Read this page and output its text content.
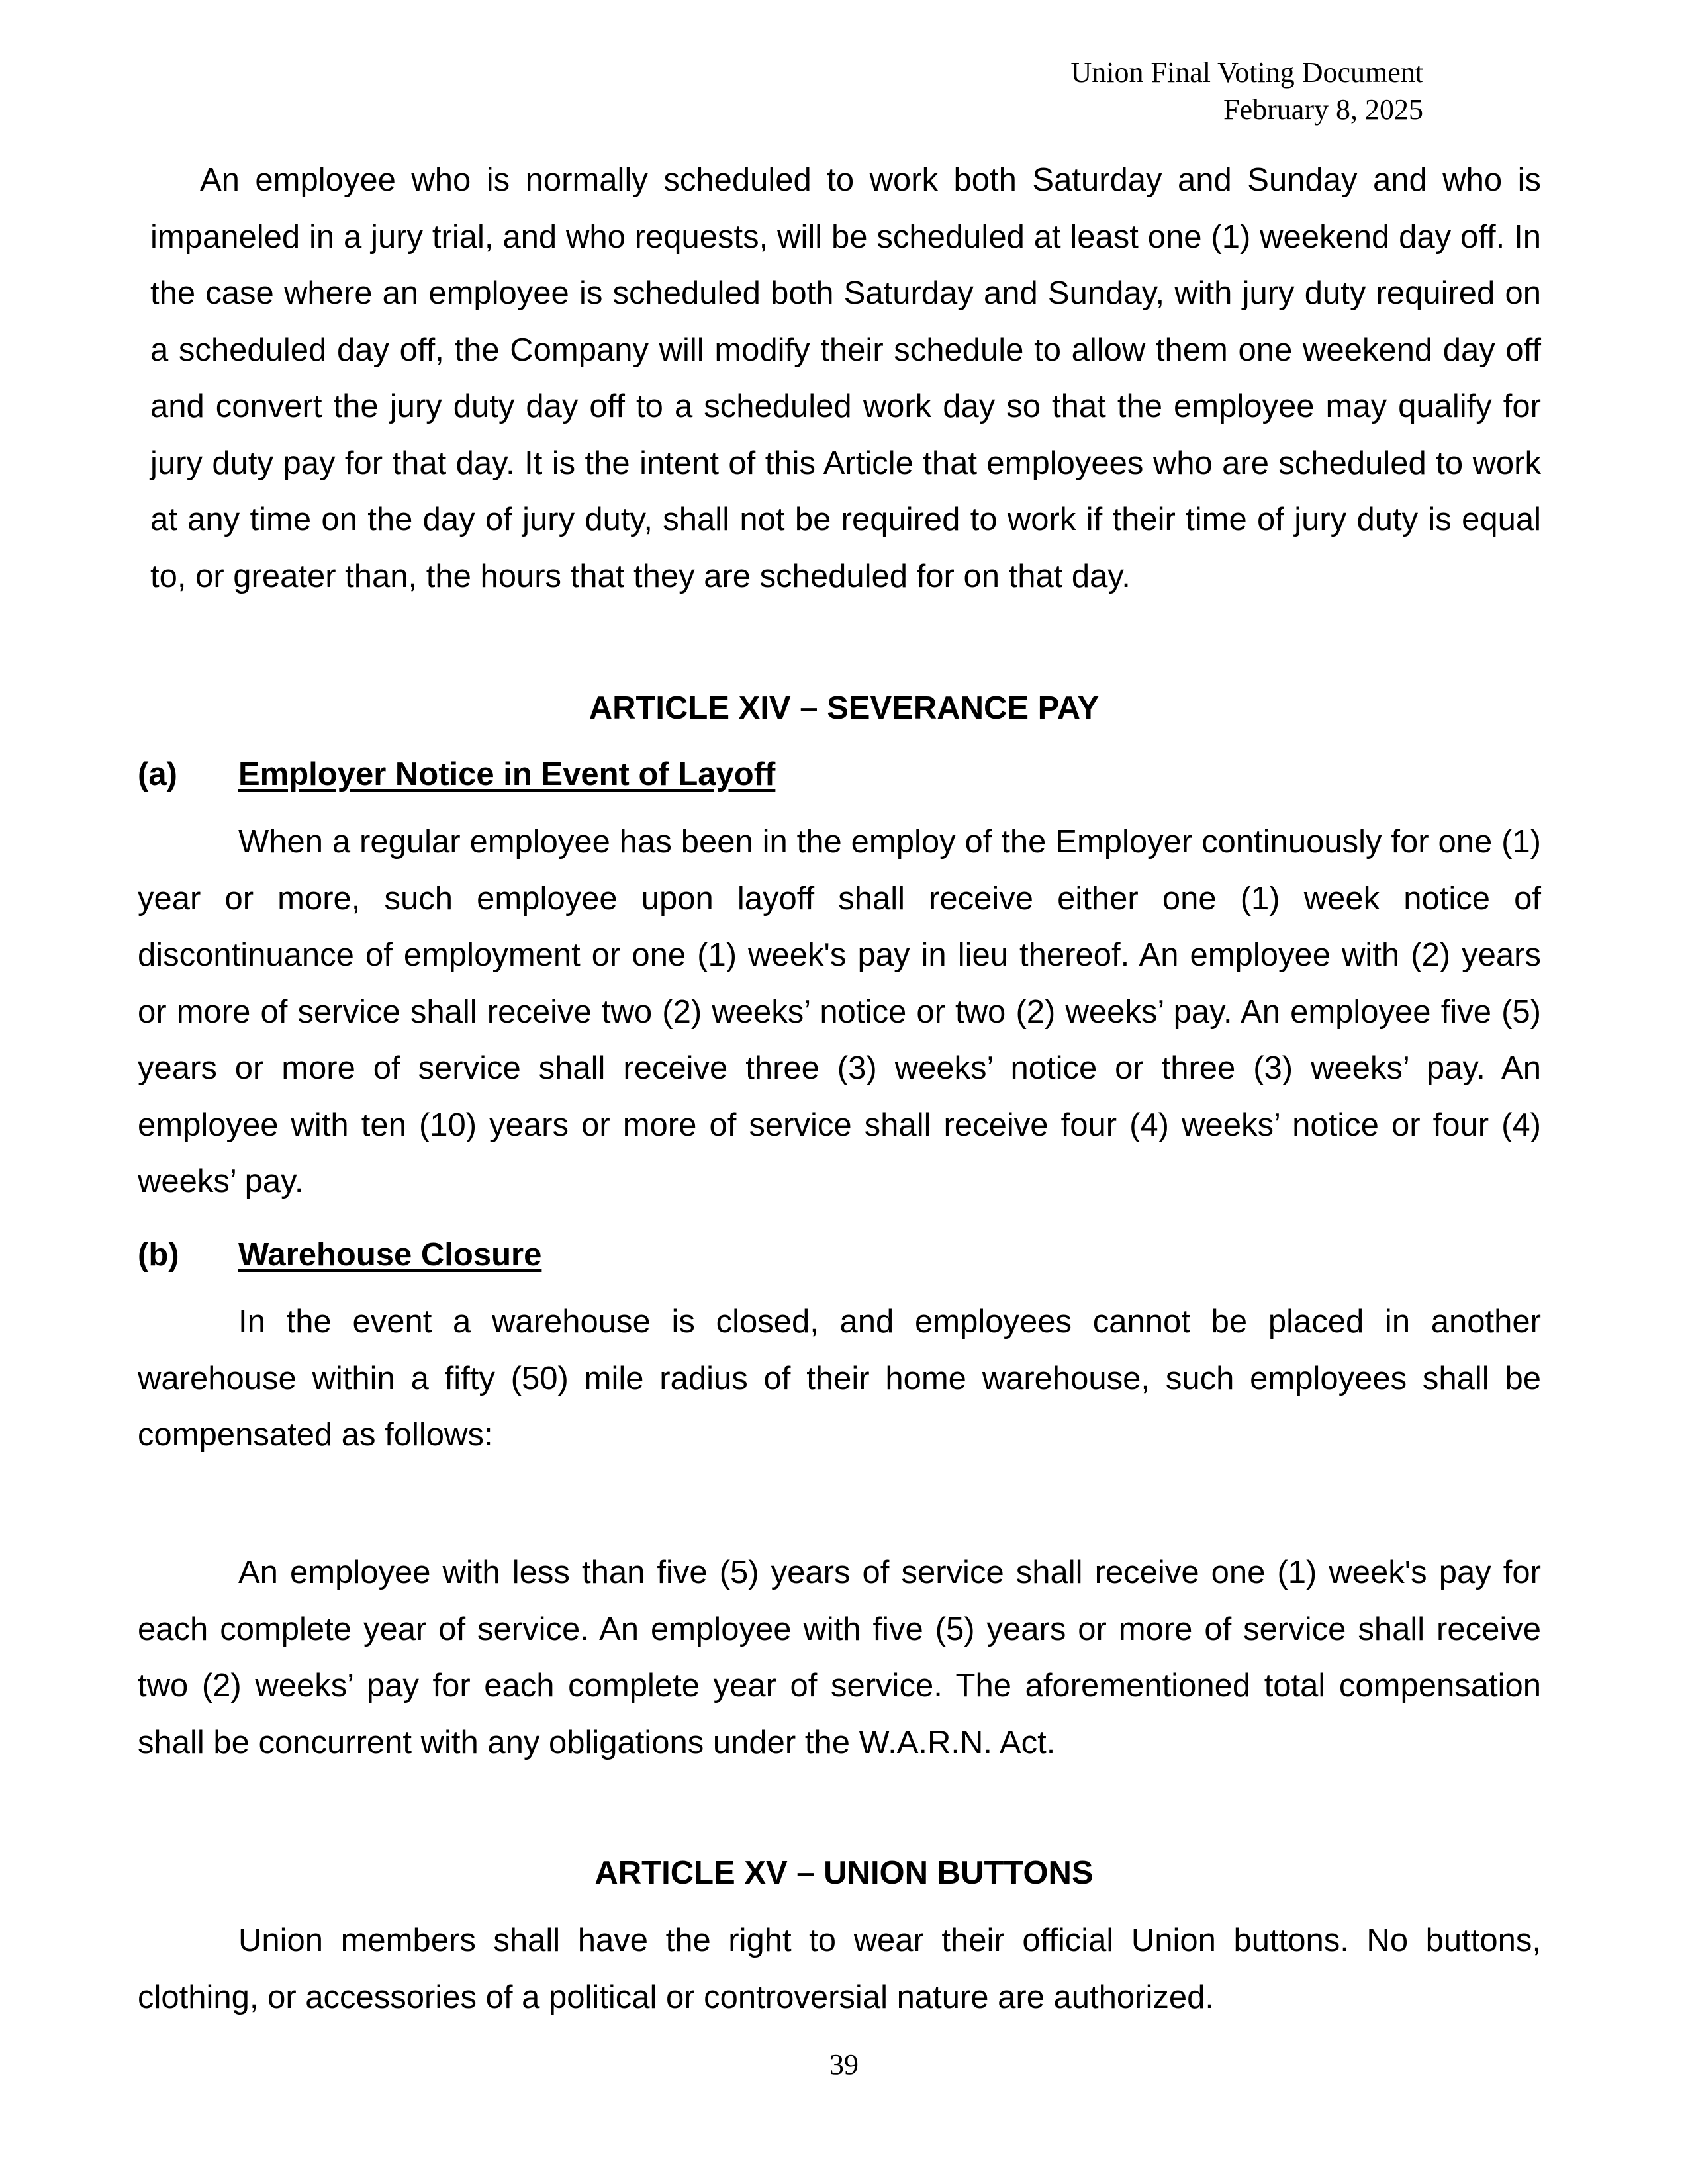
Union Final Voting Document
February 8, 2025

An employee who is normally scheduled to work both Saturday and Sunday and who is impaneled in a jury trial, and who requests, will be scheduled at least one (1) weekend day off. In the case where an employee is scheduled both Saturday and Sunday, with jury duty required on a scheduled day off, the Company will modify their schedule to allow them one weekend day off and convert the jury duty day off to a scheduled work day so that the employee may qualify for jury duty pay for that day. It is the intent of this Article that employees who are scheduled to work at any time on the day of jury duty, shall not be required to work if their time of jury duty is equal to, or greater than, the hours that they are scheduled for on that day.

ARTICLE XIV – SEVERANCE PAY
(a) Employer Notice in Event of Layoff

When a regular employee has been in the employ of the Employer continuously for one (1) year or more, such employee upon layoff shall receive either one (1) week notice of discontinuance of employment or one (1) week's pay in lieu thereof. An employee with (2) years or more of service shall receive two (2) weeks’ notice or two (2) weeks’ pay. An employee five (5) years or more of service shall receive three (3) weeks’ notice or three (3) weeks’ pay. An employee with ten (10) years or more of service shall receive four (4) weeks’ notice or four (4) weeks’ pay.

(b) Warehouse Closure

In the event a warehouse is closed, and employees cannot be placed in another warehouse within a fifty (50) mile radius of their home warehouse, such employees shall be compensated as follows:

An employee with less than five (5) years of service shall receive one (1) week's pay for each complete year of service. An employee with five (5) years or more of service shall receive two (2) weeks’ pay for each complete year of service. The aforementioned total compensation shall be concurrent with any obligations under the W.A.R.N. Act.

ARTICLE XV – UNION BUTTONS

Union members shall have the right to wear their official Union buttons. No buttons, clothing, or accessories of a political or controversial nature are authorized.

39
